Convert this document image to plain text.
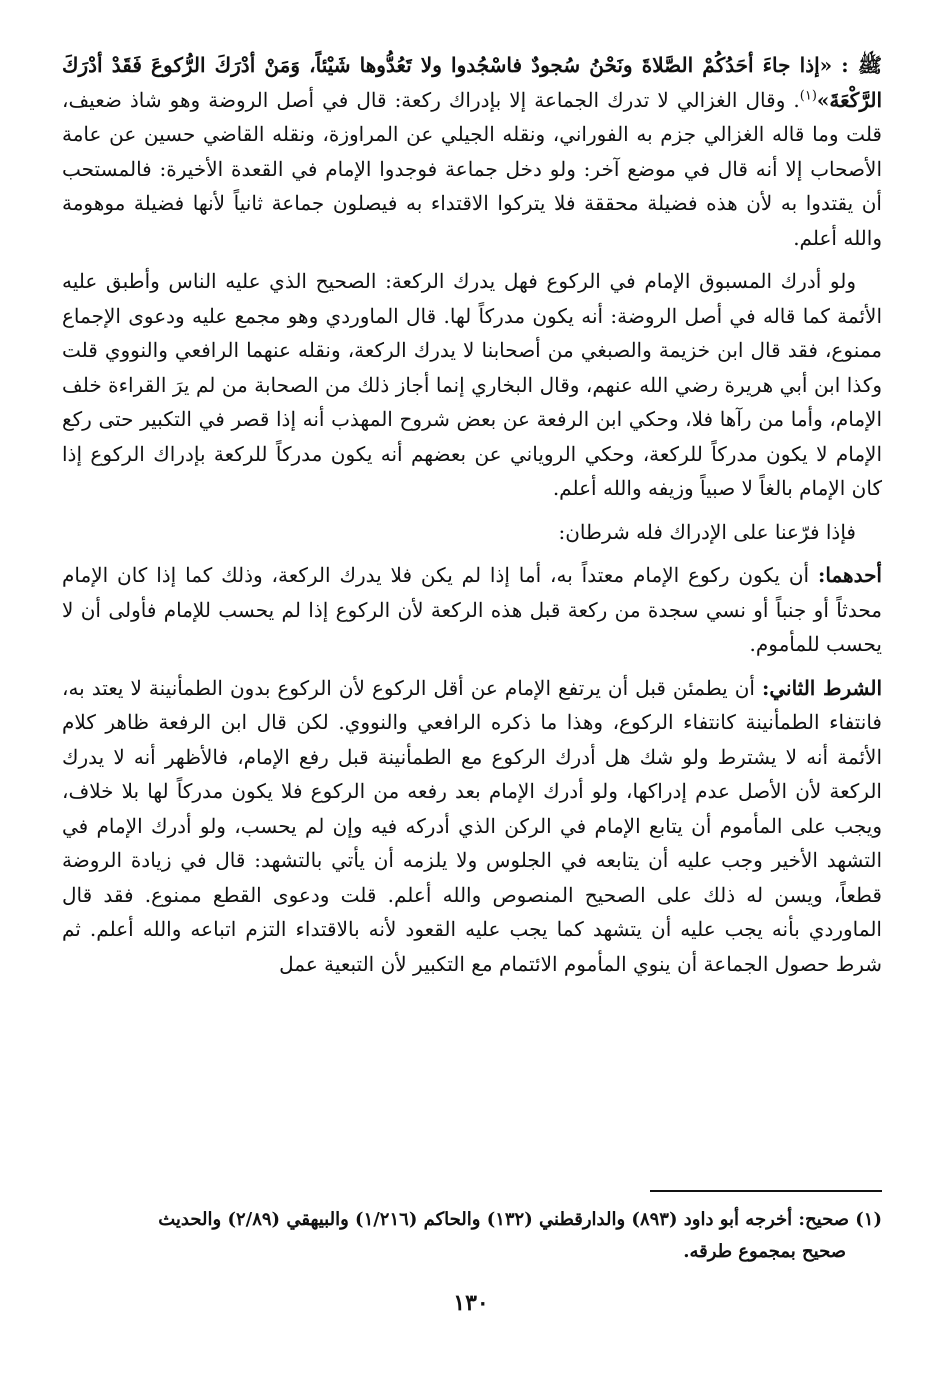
ﷺ : «إذا جاءَ أحَدُكُمْ الصَّلاةَ ونَحْنُ سُجودٌ فاسْجُدوا ولا تَعُدُّوها شَيْئاً، وَمَنْ أدْرَكَ الرُّكوعَ فَقَدْ أدْرَكَ الرَّكْعَةَ»$^{(١)}$. وقال الغزالي لا تدرك الجماعة إلا بإدراك ركعة: قال في أصل الروضة وهو شاذ ضعيف، قلت وما قاله الغزالي جزم به الفوراني، ونقله الجيلي عن المراوزة، ونقله القاضي حسين عن عامة الأصحاب إلا أنه قال في موضع آخر: ولو دخل جماعة فوجدوا الإمام في القعدة الأخيرة: فالمستحب أن يقتدوا به لأن هذه فضيلة محققة فلا يتركوا الاقتداء به فيصلون جماعة ثانياً لأنها فضيلة موهومة والله أعلم.

ولو أدرك المسبوق الإمام في الركوع فهل يدرك الركعة: الصحيح الذي عليه الناس وأطبق عليه الأئمة كما قاله في أصل الروضة: أنه يكون مدركاً لها. قال الماوردي وهو مجمع عليه ودعوى الإجماع ممنوع، فقد قال ابن خزيمة والصبغي من أصحابنا لا يدرك الركعة، ونقله عنهما الرافعي والنووي قلت وكذا ابن أبي هريرة رضي الله عنهم، وقال البخاري إنما أجاز ذلك من الصحابة من لم يرَ القراءة خلف الإمام، وأما من رآها فلا، وحكي ابن الرفعة عن بعض شروح المهذب أنه إذا قصر في التكبير حتى ركع الإمام لا يكون مدركاً للركعة، وحكي الروياني عن بعضهم أنه يكون مدركاً للركعة بإدراك الركوع إذا كان الإمام بالغاً لا صبياً وزيفه والله أعلم.

فإذا فرّعنا على الإدراك فله شرطان:

أحدهما: أن يكون ركوع الإمام معتداً به، أما إذا لم يكن فلا يدرك الركعة، وذلك كما إذا كان الإمام محدثاً أو جنباً أو نسي سجدة من ركعة قبل هذه الركعة لأن الركوع إذا لم يحسب للإمام فأولى أن لا يحسب للمأموم.

الشرط الثاني: أن يطمئن قبل أن يرتفع الإمام عن أقل الركوع لأن الركوع بدون الطمأنينة لا يعتد به، فانتفاء الطمأنينة كانتفاء الركوع، وهذا ما ذكره الرافعي والنووي. لكن قال ابن الرفعة ظاهر كلام الأئمة أنه لا يشترط ولو شك هل أدرك الركوع مع الطمأنينة قبل رفع الإمام، فالأظهر أنه لا يدرك الركعة لأن الأصل عدم إدراكها، ولو أدرك الإمام بعد رفعه من الركوع فلا يكون مدركاً لها بلا خلاف، ويجب على المأموم أن يتابع الإمام في الركن الذي أدركه فيه وإن لم يحسب، ولو أدرك الإمام في التشهد الأخير وجب عليه أن يتابعه في الجلوس ولا يلزمه أن يأتي بالتشهد: قال في زيادة الروضة قطعاً، ويسن له ذلك على الصحيح المنصوص والله أعلم. قلت ودعوى القطع ممنوع. فقد قال الماوردي بأنه يجب عليه أن يتشهد كما يجب عليه القعود لأنه بالاقتداء التزم اتباعه والله أعلم. ثم شرط حصول الجماعة أن ينوي المأموم الائتمام مع التكبير لأن التبعية عمل

(١) صحيح: أخرجه أبو داود (٨٩٣) والدارقطني (١٣٢) والحاكم (١/٢١٦) والبيهقي (٢/٨٩) والحديث
صحيح بمجموع طرقه.
١٣٠
